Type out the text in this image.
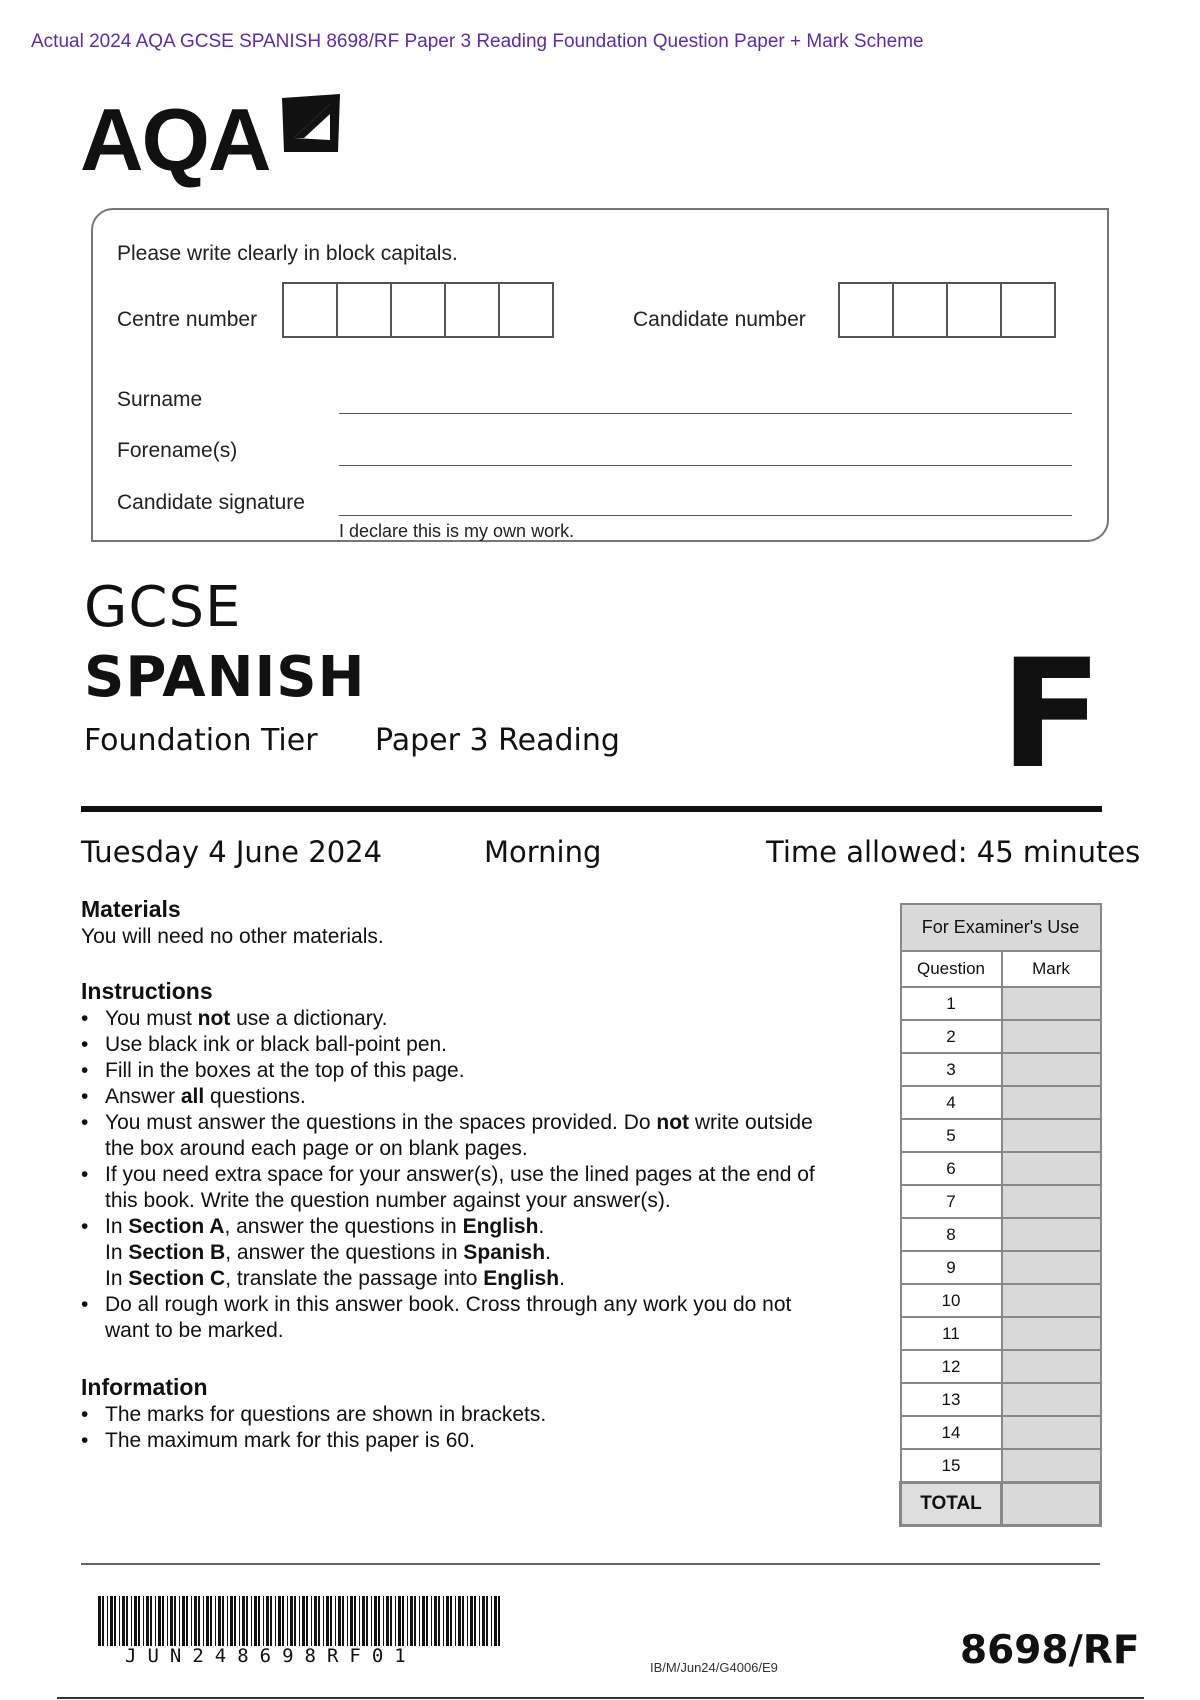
Actual 2024 AQA GCSE SPANISH 8698/RF Paper 3 Reading Foundation Question Paper + Mark Scheme
AQA
Please write clearly in block capitals.
Centre number	Candidate number
Surname
Forename(s)
Candidate signature
I declare this is my own work.
GCSE
SPANISH
Foundation Tier Paper 3 Reading	F
Tuesday 4 June 2024	Morning	Time allowed: 45 minutes
Materials
You will need no other materials.
Instructions
• You must not use a dictionary.
• Use black ink or black ball-point pen.
• Fill in the boxes at the top of this page.
• Answer all questions.
• You must answer the questions in the spaces provided. Do not write outside
the box around each page or on blank pages.
• If you need extra space for your answer(s), use the lined pages at the end of
this book. Write the question number against your answer(s).
• In Section A, answer the questions in English.
In Section B, answer the questions in Spanish.
In Section C, translate the passage into English.
• Do all rough work in this answer book. Cross through any work you do not
want to be marked.
Information
• The marks for questions are shown in brackets.
• The maximum mark for this paper is 60.
For Examiner's Use	
Question	Mark
1	
2	
3	
4	
5	
6	
7	
8	
9	
10	
11	
12	
13	
14	
15	
TOTAL	
JUN248698RF01
IB/M/Jun24/G4006/E9	8698/RF
